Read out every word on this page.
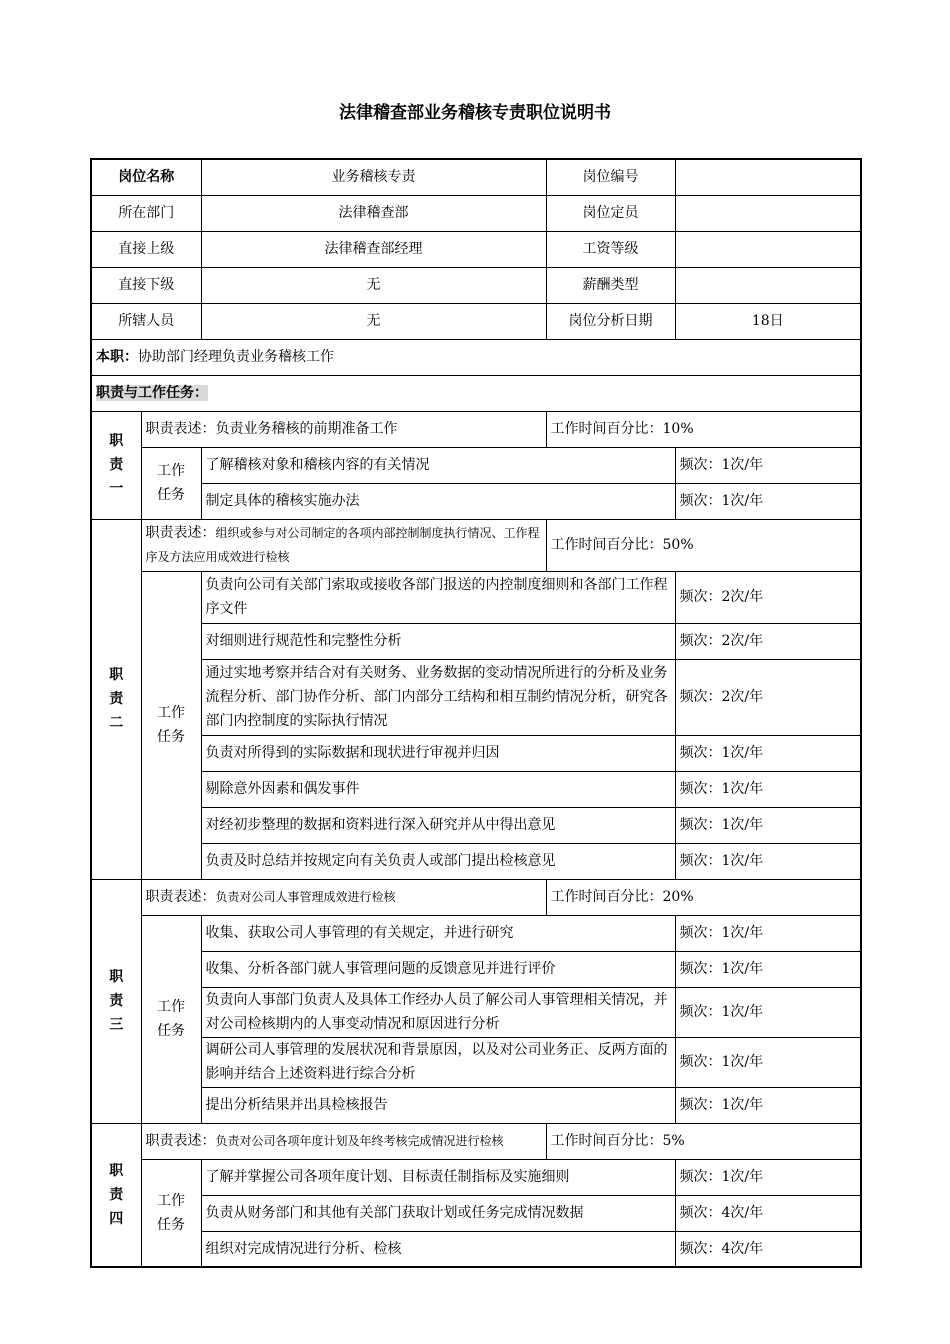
法律稽查部业务稽核专责职位说明书
岗位名称		业务稽核专责	岗位编号	
所在部门		法律稽查部	岗位定员	
直接上级		法律稽查部经理	工资等级	
直接下级		无	薪酬类型	
所辖人员		无	岗位分析日期	18日
本职：协助部门经理负责业务稽核工作				
职责与工作任务：				

职
责
一	职责表述：负责业务稽核的前期准备工作		工作时间百分比：10%	

	工作
任务	了解稽核对象和稽核内容的有关情况		频次：1次/年
		制定具体的稽核实施办法		频次：1次/年

职
责
二	职责表述：组织或参与对公司制定的各项内部控制制度执行情况、工作程序及方法应用成效进行检核		工作时间百分比：50%	

	工作
任务	负责向公司有关部门索取或接收各部门报送的内控制度细则和各部门工作程序文件		频次：2次/年
		对细则进行规范性和完整性分析		频次：2次/年
		通过实地考察并结合对有关财务、业务数据的变动情况所进行的分析及业务流程分析、部门协作分析、部门内部分工结构和相互制约情况分析，研究各部门内控制度的实际执行情况		频次：2次/年
		负责对所得到的实际数据和现状进行审视并归因		频次：1次/年
		剔除意外因素和偶发事件		频次：1次/年
		对经初步整理的数据和资料进行深入研究并从中得出意见		频次：1次/年
		负责及时总结并按规定向有关负责人或部门提出检核意见		频次：1次/年

职
责
三	职责表述：负责对公司人事管理成效进行检核		工作时间百分比：20%	

	工作
任务	收集、获取公司人事管理的有关规定，并进行研究		频次：1次/年
		收集、分析各部门就人事管理问题的反馈意见并进行评价		频次：1次/年
		负责向人事部门负责人及具体工作经办人员了解公司人事管理相关情况，并对公司检核期内的人事变动情况和原因进行分析		频次：1次/年
		调研公司人事管理的发展状况和背景原因，以及对公司业务正、反两方面的影响并结合上述资料进行综合分析		频次：1次/年
		提出分析结果并出具检核报告		频次：1次/年

职
责
四	职责表述：负责对公司各项年度计划及年终考核完成情况进行检核		工作时间百分比：5%	

	工作
任务	了解并掌握公司各项年度计划、目标责任制指标及实施细则		频次：1次/年
		负责从财务部门和其他有关部门获取计划或任务完成情况数据		频次：4次/年
		组织对完成情况进行分析、检核		频次：4次/年
